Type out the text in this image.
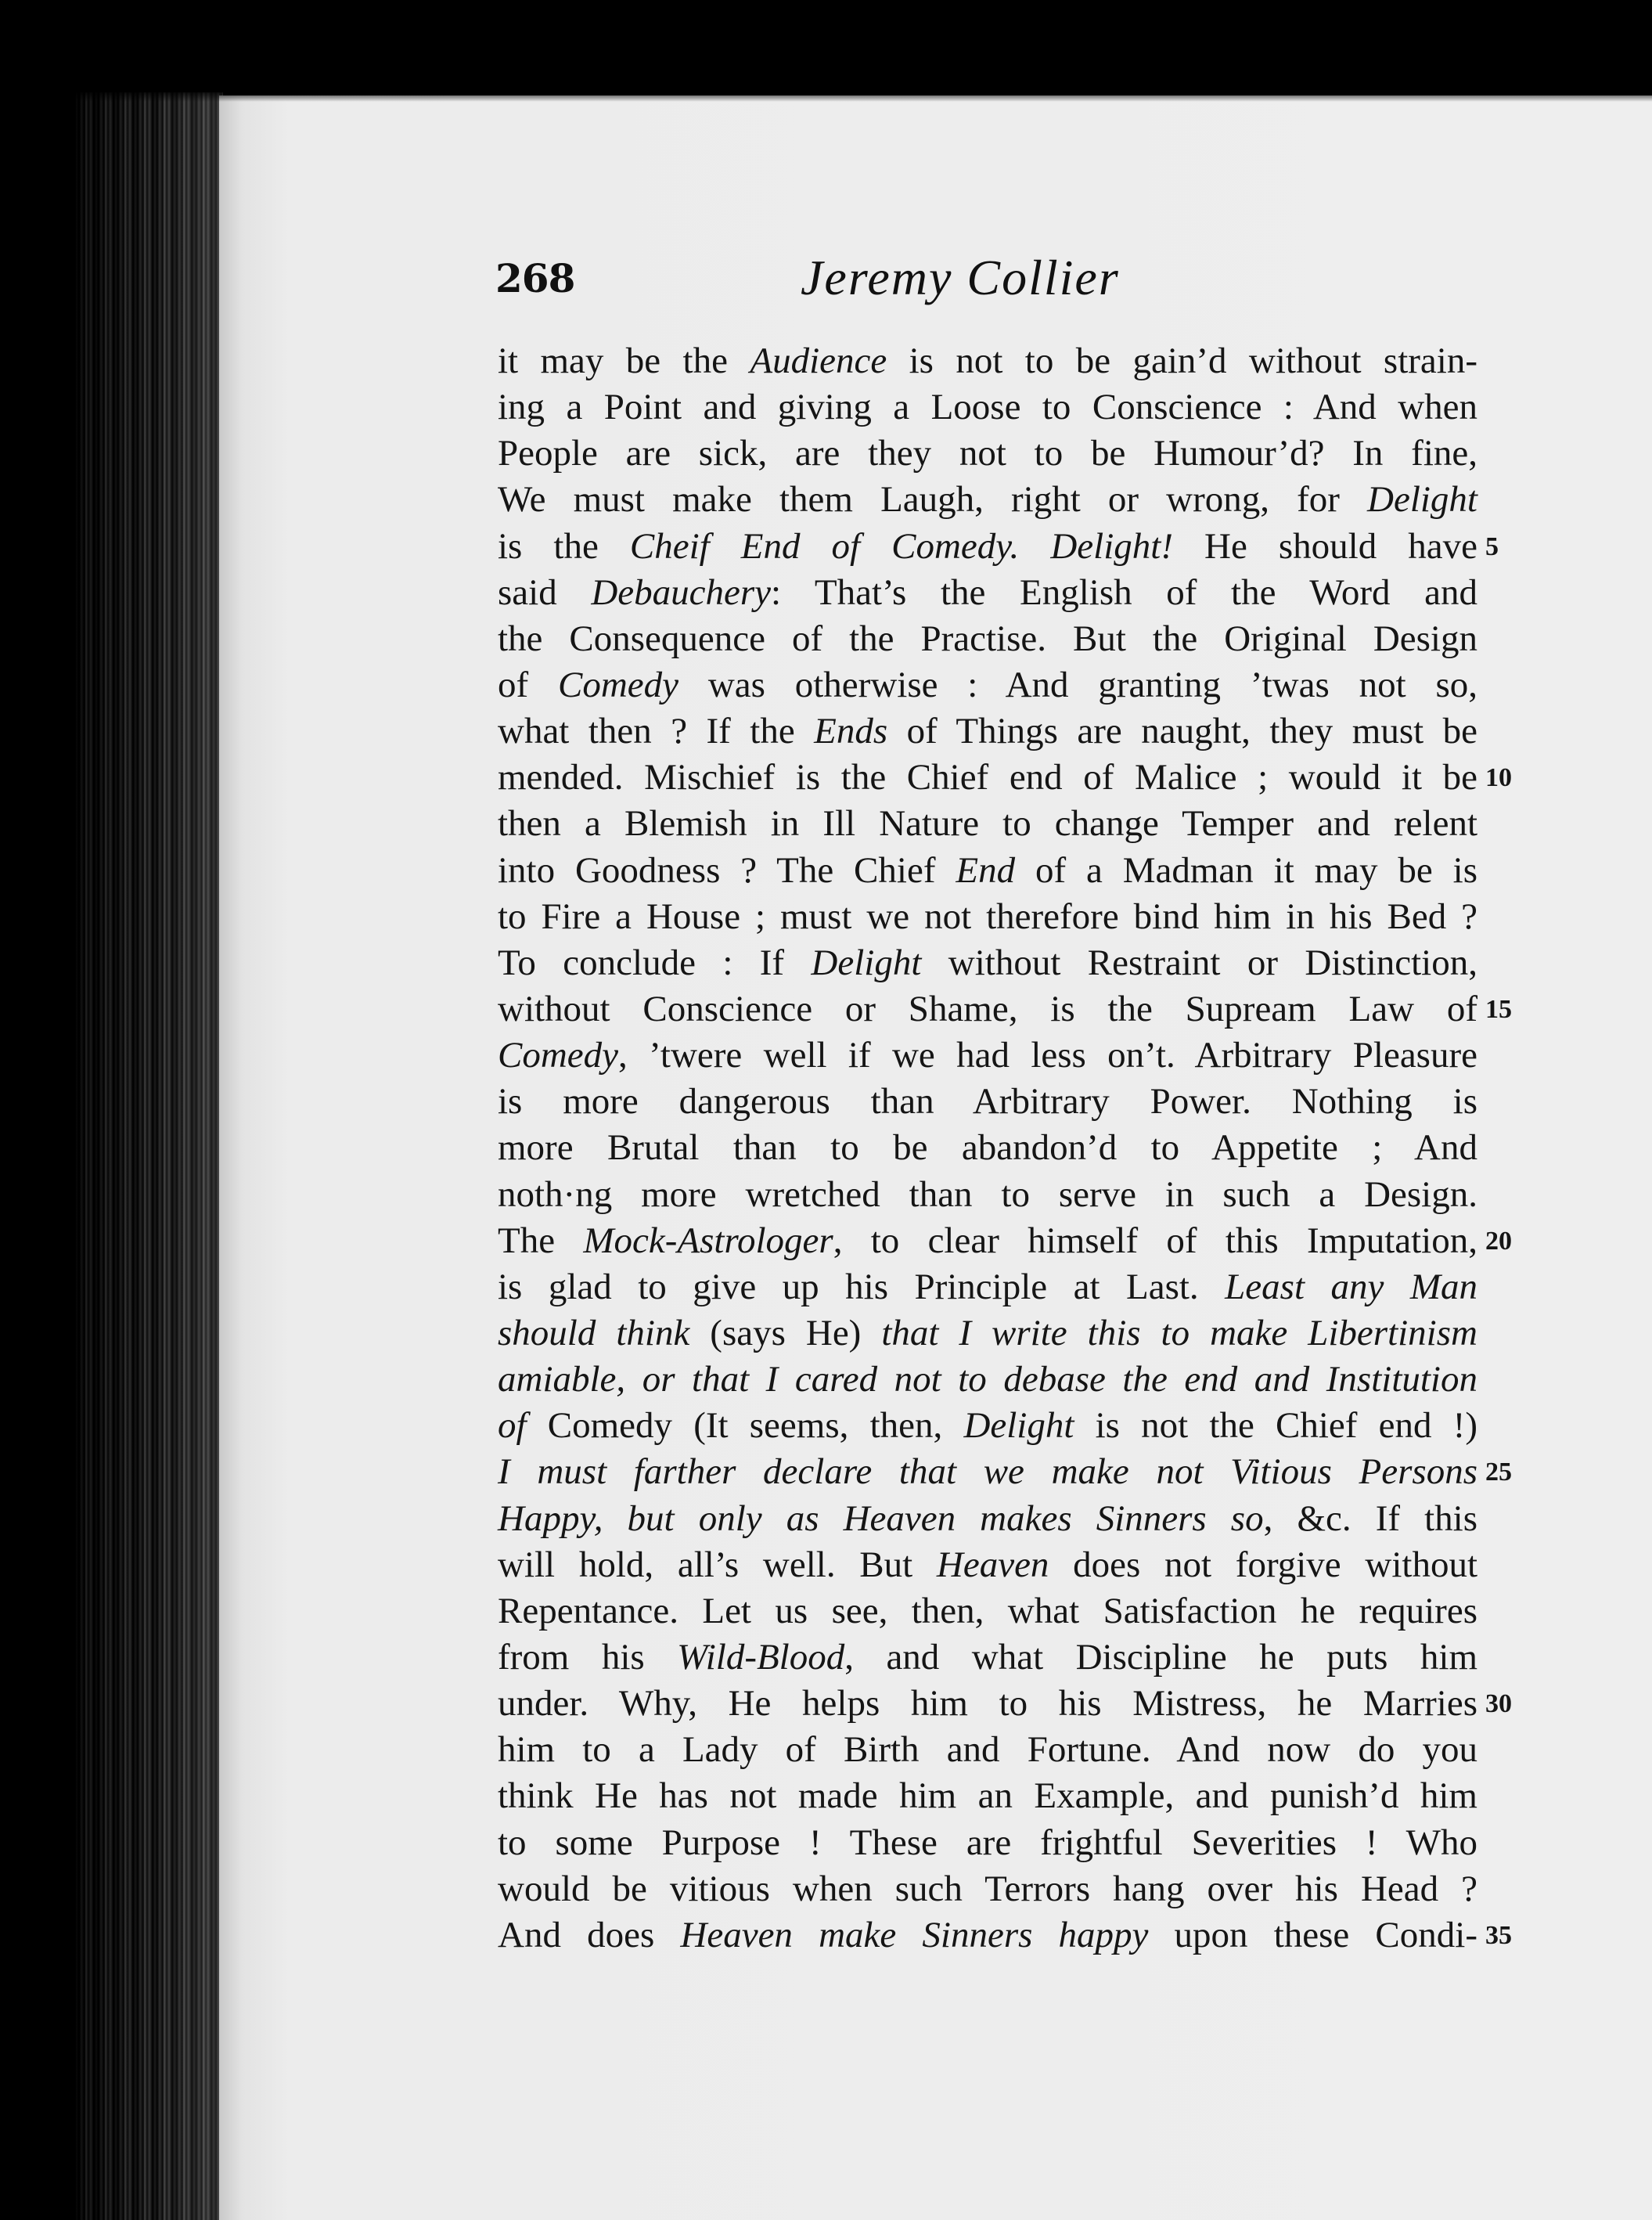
268	Jeremy Collier
it may be the Audience is not to be gain’d without strain-
ing a Point and giving a Loose to Conscience : And when
People are sick, are they not to be Humour’d? In fine,
We must make them Laugh, right or wrong, for Delight
is the Cheif End of Comedy. Delight! He should have 5
said Debauchery: That’s the English of the Word and
the Consequence of the Practise. But the Original Design
of Comedy was otherwise : And granting ’twas not so,
what then ? If the Ends of Things are naught, they must be
mended. Mischief is the Chief end of Malice ; would it be 10
then a Blemish in Ill Nature to change Temper and relent
into Goodness ? The Chief End of a Madman it may be is
to Fire a House ; must we not therefore bind him in his Bed ?
To conclude : If Delight without Restraint or Distinction,
without Conscience or Shame, is the Supream Law of 15
Comedy, ’twere well if we had less on’t. Arbitrary Pleasure
is more dangerous than Arbitrary Power. Nothing is
more Brutal than to be abandon’d to Appetite ; And
noth·ng more wretched than to serve in such a Design.
The Mock-Astrologer, to clear himself of this Imputation, 20
is glad to give up his Principle at Last. Least any Man
should think (says He) that I write this to make Libertinism
amiable, or that I cared not to debase the end and Institution
of Comedy (It seems, then, Delight is not the Chief end !)
I must farther declare that we make not Vitious Persons 25
Happy, but only as Heaven makes Sinners so, &c. If this
will hold, all’s well. But Heaven does not forgive without
Repentance. Let us see, then, what Satisfaction he requires
from his Wild-Blood, and what Discipline he puts him
under. Why, He helps him to his Mistress, he Marries 30
him to a Lady of Birth and Fortune. And now do you
think He has not made him an Example, and punish’d him
to some Purpose ! These are frightful Severities ! Who
would be vitious when such Terrors hang over his Head ?
And does Heaven make Sinners happy upon these Condi- 35
